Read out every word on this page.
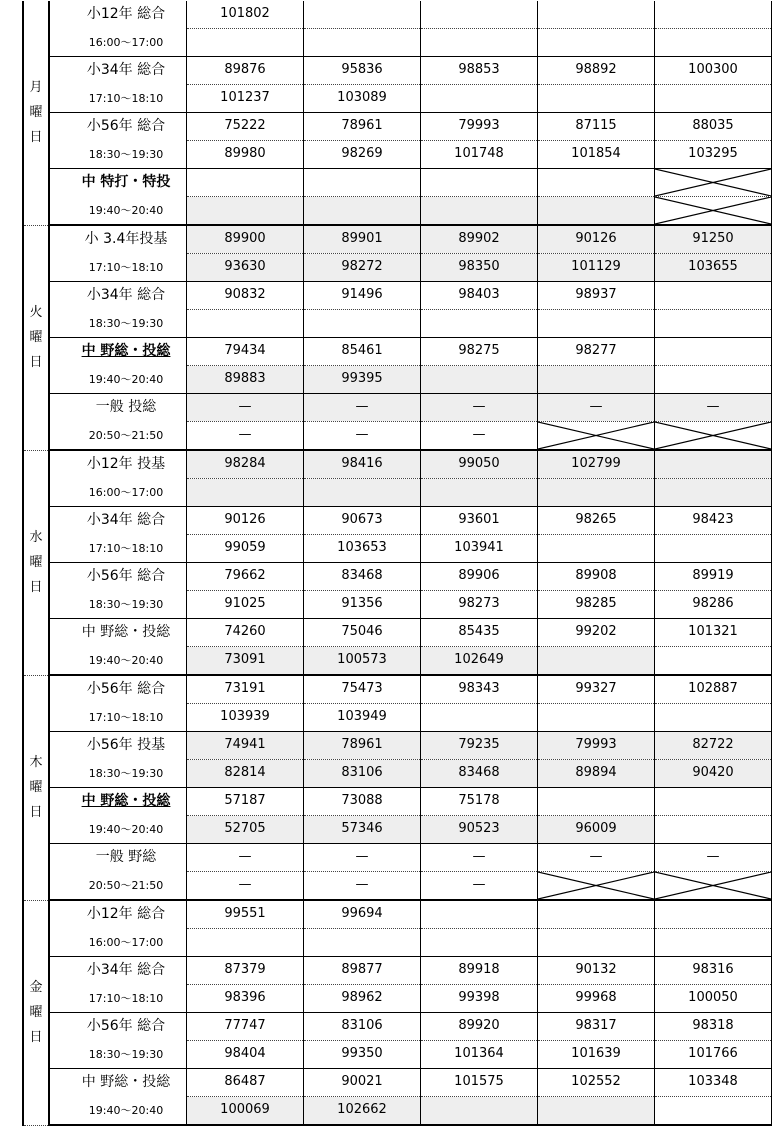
月曜日	小12年 総合	101802				

	16:00～17:00					

	小34年 総合	89876	95836	98853	98892	100300

	17:10～18:10	101237	103089			

	小56年 総合	75222	78961	79993	87115	88035

	18:30～19:30	89980	98269	101748	101854	103295

	中 特打・特投

	19:40～20:40

火曜日	小 3.4年投基	89900	89901	89902	90126	91250

	17:10～18:10	93630	98272	98350	101129	103655

	小34年 総合	90832	91496	98403	98937	

	18:30～19:30					

	中 野総・投総	79434	85461	98275	98277	

	19:40～20:40	89883	99395			

	一般 投総	—	—	—	—	—

	20:50～21:50	—	—	—

水曜日	小12年 投基	98284	98416	99050	102799	

	16:00～17:00					

	小34年 総合	90126	90673	93601	98265	98423

	17:10～18:10	99059	103653	103941		

	小56年 総合	79662	83468	89906	89908	89919

	18:30～19:30	91025	91356	98273	98285	98286

	中 野総・投総	74260	75046	85435	99202	101321

	19:40～20:40	73091	100573	102649		

木曜日	小56年 総合	73191	75473	98343	99327	102887

	17:10～18:10	103939	103949			

	小56年 投基	74941	78961	79235	79993	82722

	18:30～19:30	82814	83106	83468	89894	90420

	中 野総・投総	57187	73088	75178		

	19:40～20:40	52705	57346	90523	96009	

	一般 野総	—	—	—	—	—

	20:50～21:50	—	—	—

金曜日	小12年 総合	99551	99694			

	16:00～17:00					

	小34年 総合	87379	89877	89918	90132	98316

	17:10～18:10	98396	98962	99398	99968	100050

	小56年 総合	77747	83106	89920	98317	98318

	18:30～19:30	98404	99350	101364	101639	101766

	中 野総・投総	86487	90021	101575	102552	103348

	19:40～20:40	100069	102662			
